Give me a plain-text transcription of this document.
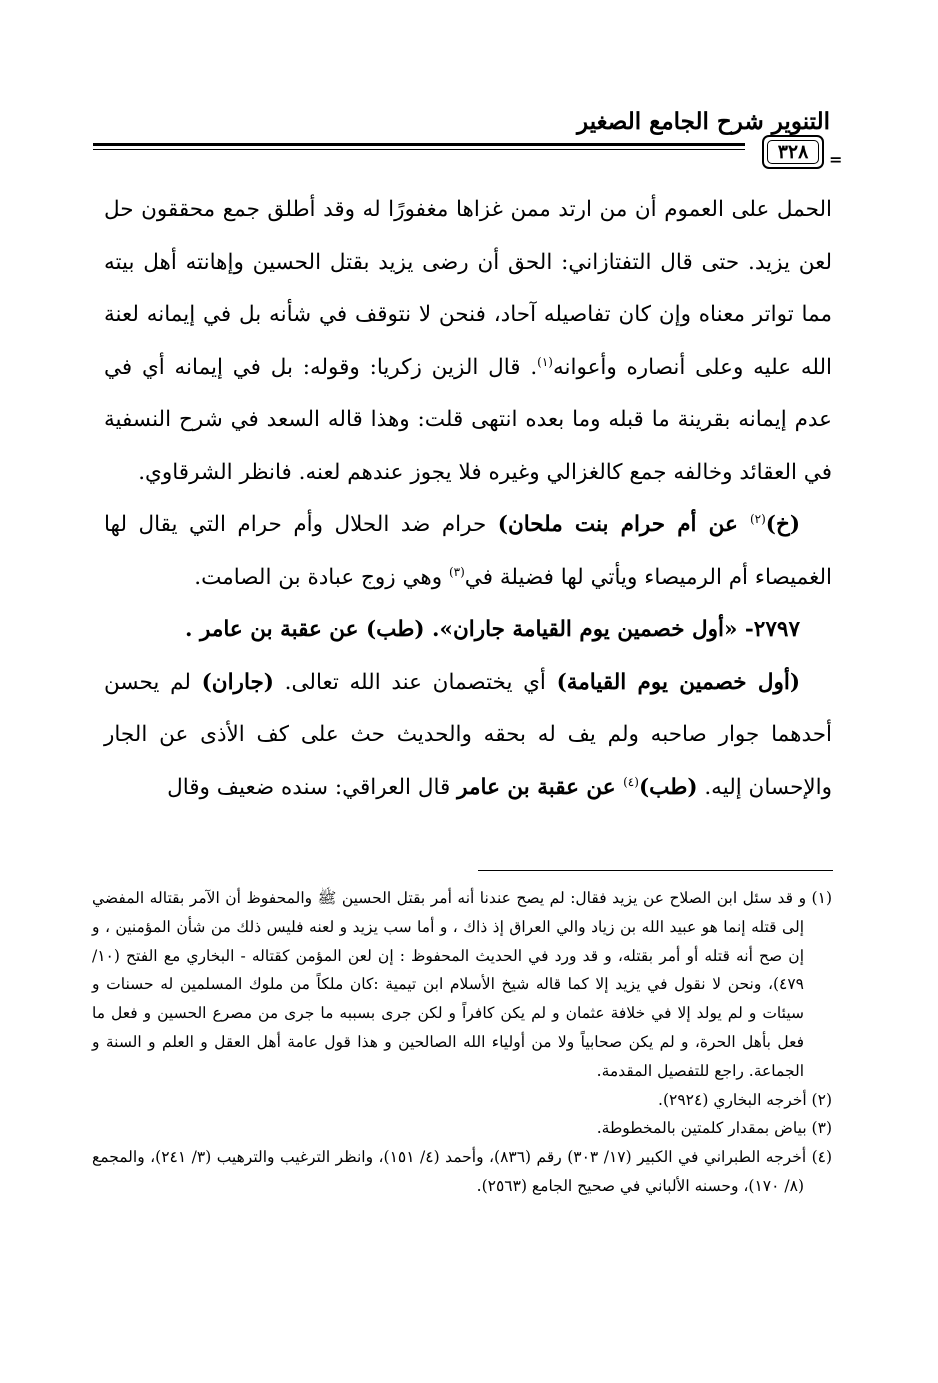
التنوير شرح الجامع الصغير
٣٢٨	=

الحمل على العموم أن من ارتد ممن غزاها مغفورًا له وقد أطلق جمع محققون حل لعن يزيد. حتى قال التفتازاني: الحق أن رضى يزيد بقتل الحسين وإهانته أهل بيته مما تواتر معناه وإن كان تفاصيله آحاد، فنحن لا نتوقف في شأنه بل في إيمانه لعنة الله عليه وعلى أنصاره وأعوانه$^{(١)}$. قال الزين زكريا: وقوله: بل في إيمانه أي في عدم إيمانه بقرينة ما قبله وما بعده انتهى قلت: وهذا قاله السعد في شرح النسفية في العقائد وخالفه جمع كالغزالي وغيره فلا يجوز عندهم لعنه. فانظر الشرقاوي.

(خ)$^{(٢)}$ عن أم حرام بنت ملحان) حرام ضد الحلال وأم حرام التي يقال لها الغميصاء أم الرميصاء ويأتي لها فضيلة في$^{(٣)}$ وهي زوج عبادة بن الصامت.

٢٧٩٧- «أول خصمين يوم القيامة جاران». (طب) عن عقبة بن عامر .

(أول خصمين يوم القيامة) أي يختصمان عند الله تعالى. (جاران) لم يحسن أحدهما جوار صاحبه ولم يف له بحقه والحديث حث على كف الأذى عن الجار والإحسان إليه. (طب)$^{(٤)}$ عن عقبة بن عامر قال العراقي: سنده ضعيف وقال

(١) و قد سئل ابن الصلاح عن يزيد فقال: لم يصح عندنا أنه أمر بقتل الحسين ﷺ والمحفوظ أن الآمر بقتاله المفضي إلى قتله إنما هو عبيد الله بن زياد والي العراق إذ ذاك ، و أما سب يزيد و لعنه فليس ذلك من شأن المؤمنين ، و إن صح أنه قتله أو أمر بقتله، و قد ورد في الحديث المحفوظ : إن لعن المؤمن كقتاله - البخاري مع الفتح (١٠/ ٤٧٩)، ونحن لا نقول في يزيد إلا كما قاله شيخ الأسلام ابن تيمية :كان ملكاً من ملوك المسلمين له حسنات و سيئات و لم يولد إلا في خلافة عثمان و لم يكن كافراً و لكن جرى بسببه ما جرى من مصرع الحسين و فعل ما فعل بأهل الحرة، و لم يكن صحابياً ولا من أولياء الله الصالحين و هذا قول عامة أهل العقل و العلم و السنة و الجماعة. راجع للتفصيل المقدمة.

(٢) أخرجه البخاري (٢٩٢٤).

(٣) بياض بمقدار كلمتين بالمخطوطة.

(٤) أخرجه الطبراني في الكبير (١٧/ ٣٠٣) رقم (٨٣٦)، وأحمد (٤/ ١٥١)، وانظر الترغيب والترهيب (٣/ ٢٤١)، والمجمع (٨/ ١٧٠)، وحسنه الألباني في صحيح الجامع (٢٥٦٣).
